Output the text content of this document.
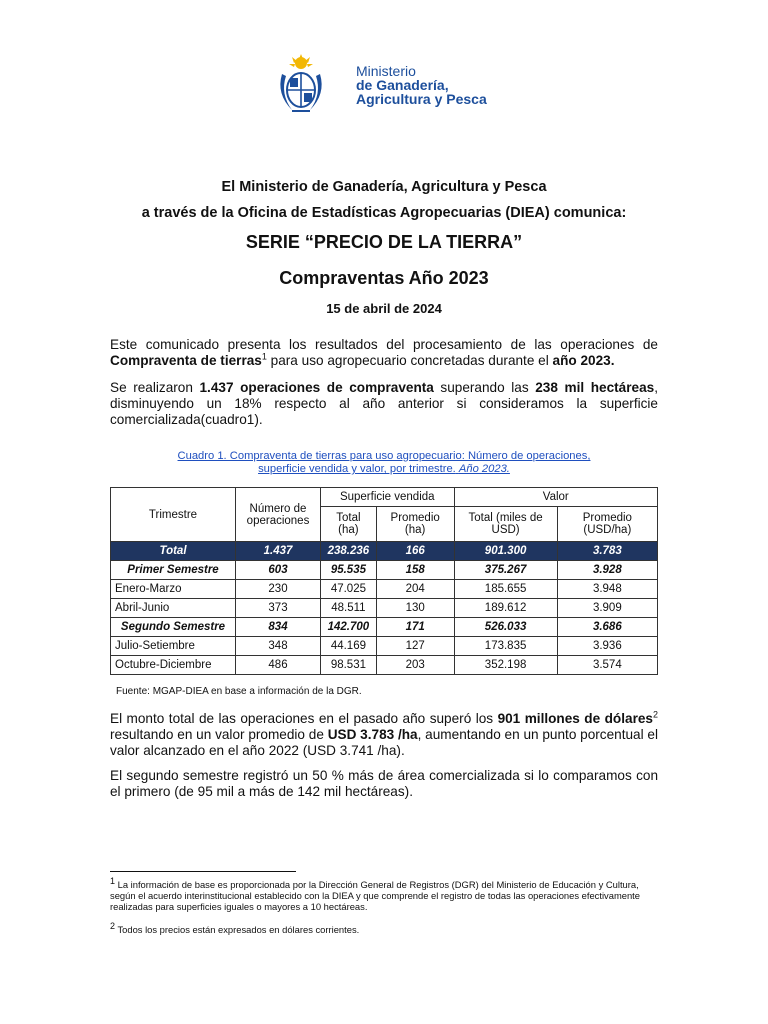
Ministerio
de Ganadería,
Agricultura y Pesca
El Ministerio de Ganadería, Agricultura y Pesca
a través de la Oficina de Estadísticas Agropecuarias (DIEA) comunica:
SERIE “PRECIO DE LA TIERRA”
Compraventas Año 2023
15 de abril de 2024
Este comunicado presenta los resultados del procesamiento de las operaciones de Compraventa de tierras$^1$ para uso agropecuario concretadas durante el año 2023.
Se realizaron 1.437 operaciones de compraventa superando las 238 mil hectáreas, disminuyendo un 18% respecto al año anterior si consideramos la superficie comercializada(cuadro1).
Cuadro 1. Compraventa de tierras para uso agropecuario: Número de operaciones,
superficie vendida y valor, por trimestre. Año 2023.
Trimestre	Número de operaciones	Superficie vendida		Valor	
		Total (ha)	Promedio (ha)	Total (miles de USD)	Promedio (USD/ha)
Total	1.437	238.236	166	901.300	3.783
Primer Semestre	603	95.535	158	375.267	3.928
Enero-Marzo	230	47.025	204	185.655	3.948
Abril-Junio	373	48.511	130	189.612	3.909
Segundo Semestre	834	142.700	171	526.033	3.686
Julio-Setiembre	348	44.169	127	173.835	3.936
Octubre-Diciembre	486	98.531	203	352.198	3.574
Fuente: MGAP-DIEA en base a información de la DGR.
El monto total de las operaciones en el pasado año superó los 901 millones de dólares$^2$ resultando en un valor promedio de USD 3.783 /ha, aumentando en un punto porcentual el valor alcanzado en el año 2022 (USD 3.741 /ha).
El segundo semestre registró un 50 % más de área comercializada si lo comparamos con el primero (de 95 mil a más de 142 mil hectáreas).
$^1$ La información de base es proporcionada por la Dirección General de Registros (DGR) del Ministerio de Educación y Cultura, según el acuerdo interinstitucional establecido con la DIEA y que comprende el registro de todas las operaciones efectivamente realizadas para superficies iguales o mayores a 10 hectáreas.
$^2$ Todos los precios están expresados en dólares corrientes.
